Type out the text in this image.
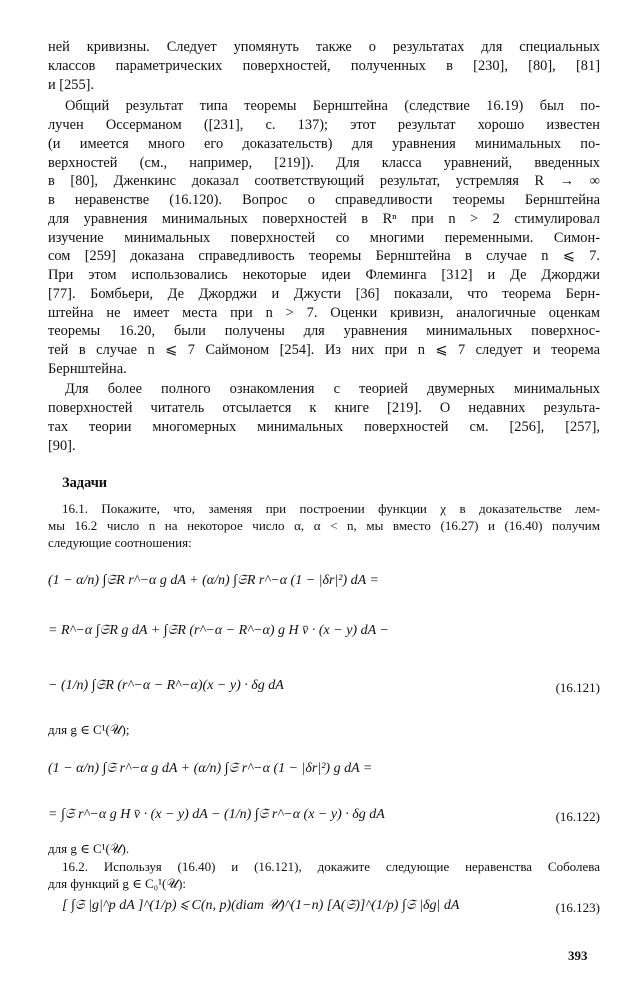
ней кривизны. Следует упомянуть также о результатах для специальных
классов параметрических поверхностей, полученных в [230], [80], [81]
и [255].
Общий результат типа теоремы Бернштейна (следствие 16.19) был по-
лучен Оссерманом ([231], с. 137); этот результат хорошо известен
(и имеется много его доказательств) для уравнения минимальных по-
верхностей (см., например, [219]). Для класса уравнений, введенных
в [80], Дженкинс доказал соответствующий результат, устремляя R → ∞
в неравенстве (16.120). Вопрос о справедливости теоремы Бернштейна
для уравнения минимальных поверхностей в Rⁿ при n > 2 стимулировал
изучение минимальных поверхностей со многими переменными. Симон-
сом [259] доказана справедливость теоремы Бернштейна в случае n ⩽ 7.
При этом использовались некоторые идеи Флеминга [312] и Де Джорджи
[77]. Бомбьери, Де Джорджи и Джусти [36] показали, что теорема Берн-
штейна не имеет места при n > 7. Оценки кривизн, аналогичные оценкам
теоремы 16.20, были получены для уравнения минимальных поверхнос-
тей в случае n ⩽ 7 Саймоном [254]. Из них при n ⩽ 7 следует и теорема
Бернштейна.
Для более полного ознакомления с теорией двумерных минимальных
поверхностей читатель отсылается к книге [219]. О недавних результа-
тах теории многомерных минимальных поверхностей см. [256], [257],
[90].
Задачи
16.1. Покажите, что, заменяя при построении функции χ в доказательстве лем-
мы 16.2 число n на некоторое число α, α < n, мы вместо (16.27) и (16.40) получим
следующие соотношения:
(1 − α/n) ∫𝔖R r^−α g dA + (α/n) ∫𝔖R r^−α (1 − |δr|²) dA =
= R^−α ∫𝔖R g dA + ∫𝔖R (r^−α − R^−α) g H v̄ · (x − y) dA −
− (1/n) ∫𝔖R (r^−α − R^−α)(x − y) · δg dA	(16.121)
для g ∈ C¹(𝒰);
(1 − α/n) ∫𝔖 r^−α g dA + (α/n) ∫𝔖 r^−α (1 − |δr|²) g dA =
= ∫𝔖 r^−α g H v̄ · (x − y) dA − (1/n) ∫𝔖 r^−α (x − y) · δg dA	(16.122)
для g ∈ C¹(𝒰).
16.2. Используя (16.40) и (16.121), докажите следующие неравенства Соболева
для функций g ∈ C₀¹(𝒰):
[ ∫𝔖 |g|^p dA ]^(1/p) ⩽ C(n, p)(diam 𝒰)^(1−n) [A(𝔖)]^(1/p) ∫𝔖 |δg| dA	(16.123)
393
